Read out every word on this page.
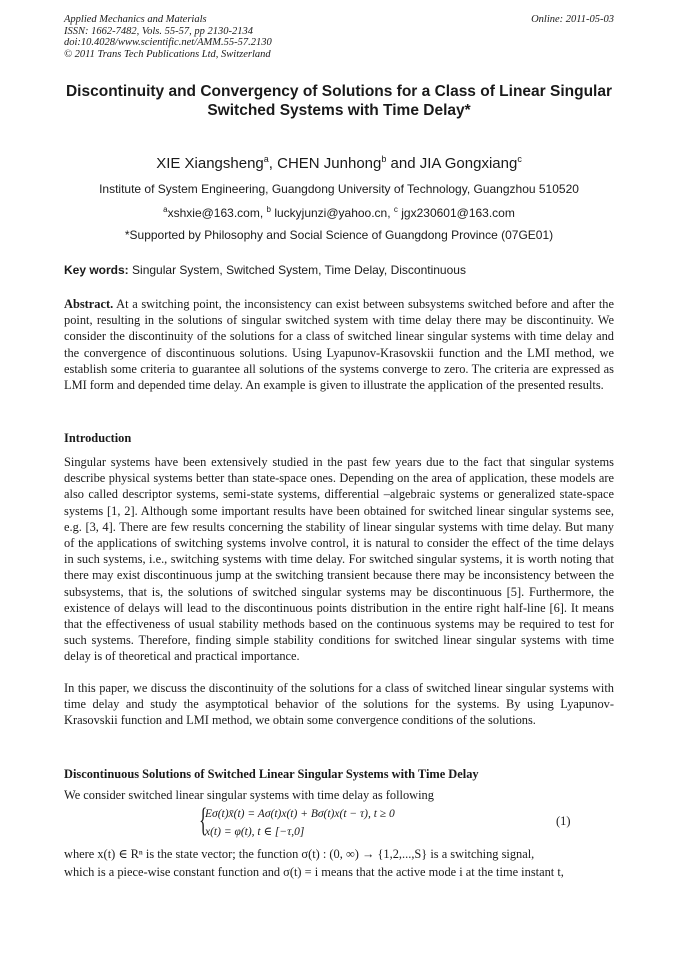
Applied Mechanics and Materials
ISSN: 1662-7482, Vols. 55-57, pp 2130-2134
doi:10.4028/www.scientific.net/AMM.55-57.2130
© 2011 Trans Tech Publications Ltd, Switzerland
Online: 2011-05-03
Discontinuity and Convergency of Solutions for a Class of Linear Singular Switched Systems with Time Delay*
XIE Xiangsheng$^a$, CHEN Junhong$^b$ and JIA Gongxiang$^c$
Institute of System Engineering, Guangdong University of Technology, Guangzhou 510520
$^a$xshxie@163.com, $^b$ luckyjunzi@yahoo.cn, $^c$ jgx230601@163.com
*Supported by Philosophy and Social Science of Guangdong Province (07GE01)
Key words: Singular System, Switched System, Time Delay, Discontinuous
Abstract. At a switching point, the inconsistency can exist between subsystems switched before and after the point, resulting in the solutions of singular switched system with time delay there may be discontinuity. We consider the discontinuity of the solutions for a class of switched linear singular systems with time delay and the convergence of discontinuous solutions. Using Lyapunov-Krasovskii function and the LMI method, we establish some criteria to guarantee all solutions of the systems converge to zero. The criteria are expressed as LMI form and depended time delay. An example is given to illustrate the application of the presented results.
Introduction
Singular systems have been extensively studied in the past few years due to the fact that singular systems describe physical systems better than state-space ones. Depending on the area of application, these models are also called descriptor systems, semi-state systems, differential –algebraic systems or generalized state-space systems [1, 2]. Although some important results have been obtained for switched linear singular systems see, e.g. [3, 4]. There are few results concerning the stability of linear singular systems with time delay. But many of the applications of switching systems involve control, it is natural to consider the effect of the time delays in such systems, i.e., switching systems with time delay. For switched singular systems, it is worth noting that there may exist discontinuous jump at the switching transient because there may be inconsistency between the subsystems, that is, the solutions of switched singular systems may be discontinuous [5]. Furthermore, the existence of delays will lead to the discontinuous points distribution in the entire right half-line [6]. It means that the effectiveness of usual stability methods based on the continuous systems may be required to test for such systems. Therefore, finding simple stability conditions for switched linear singular systems with time delay is of theoretical and practical importance.
In this paper, we discuss the discontinuity of the solutions for a class of switched linear singular systems with time delay and study the asymptotical behavior of the solutions for the systems. By using Lyapunov-Krasovskii function and LMI method, we obtain some convergence conditions of the solutions.
Discontinuous Solutions of Switched Linear Singular Systems with Time Delay
We consider switched linear singular systems with time delay as following
{
Eσ(t)x̄(t) = Aσ(t)x(t) + Bσ(t)x(t − τ), t ≥ 0
x(t) = φ(t), t ∈ [−τ,0]
(1)
where x(t) ∈ Rⁿ is the state vector; the function σ(t) : (0, ∞) → {1,2,...,S} is a switching signal,
which is a piece-wise constant function and σ(t) = i means that the active mode i at the time instant t,
